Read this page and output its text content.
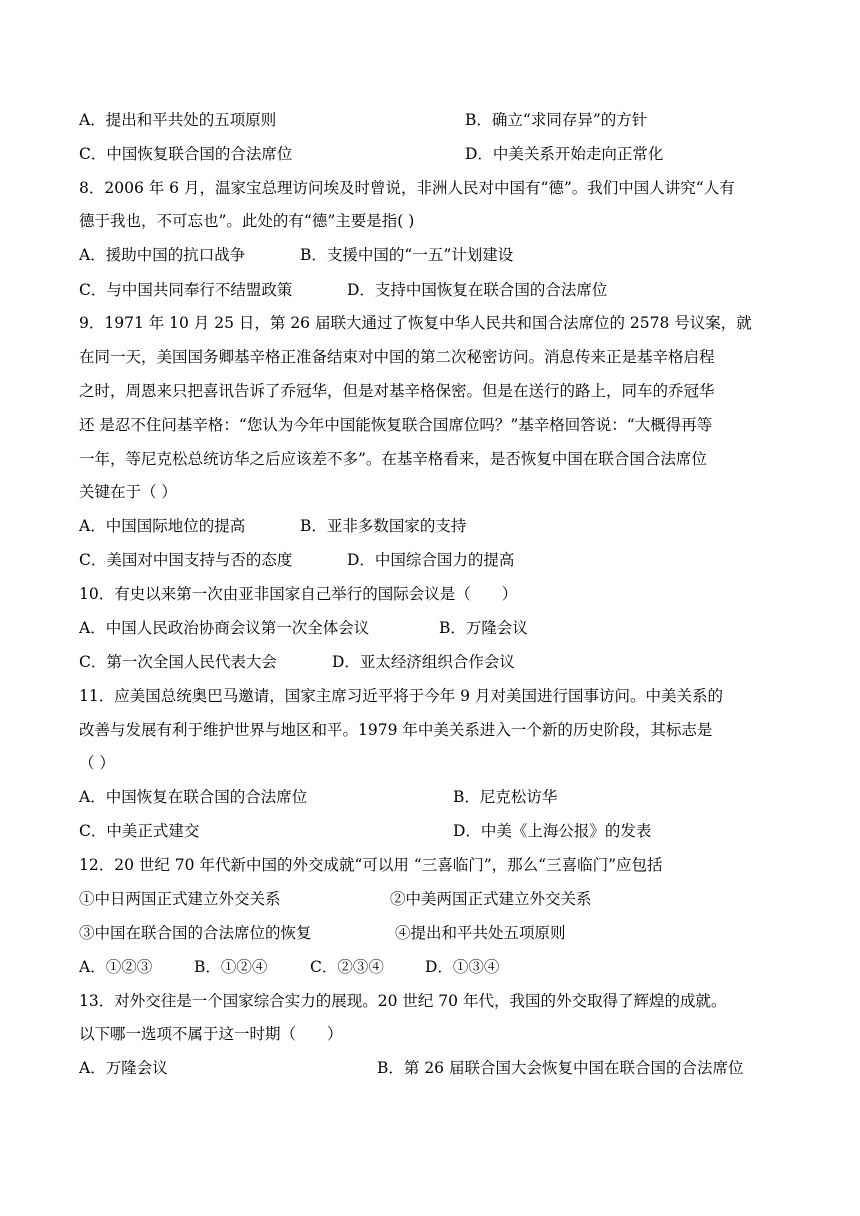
A．提出和平共处的五项原则	B．确立“求同存异”的方针
C．中国恢复联合国的合法席位	D．中美关系开始走向正常化
8．2006 年 6 月，温家宝总理访问埃及时曾说，非洲人民对中国有“德”。我们中国人讲究“人有
德于我也，不可忘也”。此处的有“德”主要是指( )
A．援助中国的抗口战争	B．支援中国的“一五”计划建设
C．与中国共同奉行不结盟政策	D．支持中国恢复在联合国的合法席位
9．1971 年 10 月 25 日，第 26 届联大通过了恢复中华人民共和国合法席位的 2578 号议案，就
在同一天，美国国务卿基辛格正准备结束对中国的第二次秘密访问。消息传来正是基辛格启程
之时，周恩来只把喜讯告诉了乔冠华，但是对基辛格保密。但是在送行的路上，同车的乔冠华
还 是忍不住问基辛格：“您认为今年中国能恢复联合国席位吗？”基辛格回答说：“大概得再等
一年，等尼克松总统访华之后应该差不多”。在基辛格看来，是否恢复中国在联合国合法席位
关键在于（ ）
A．中国国际地位的提高	B．亚非多数国家的支持
C．美国对中国支持与否的态度	D．中国综合国力的提高
10．有史以来第一次由亚非国家自己举行的国际会议是（　　）
A．中国人民政治协商会议第一次全体会议	B．万隆会议
C．第一次全国人民代表大会	D．亚太经济组织合作会议
11．应美国总统奥巴马邀请，国家主席习近平将于今年 9 月对美国进行国事访问。中美关系的
改善与发展有利于维护世界与地区和平。1979 年中美关系进入一个新的历史阶段，其标志是
（ ）
A．中国恢复在联合国的合法席位	B．尼克松访华
C．中美正式建交	D．中美《上海公报》的发表
12．20 世纪 70 年代新中国的外交成就“可以用 “三喜临门”，那么“三喜临门”应包括
①中日两国正式建立外交关系	②中美两国正式建立外交关系
③中国在联合国的合法席位的恢复	④提出和平共处五项原则
A．①②③	B．①②④	C．②③④	D．①③④
13．对外交往是一个国家综合实力的展现。20 世纪 70 年代，我国的外交取得了辉煌的成就。
以下哪一选项不属于这一时期（　　）
A．万隆会议	B．第 26 届联合国大会恢复中国在联合国的合法席位
